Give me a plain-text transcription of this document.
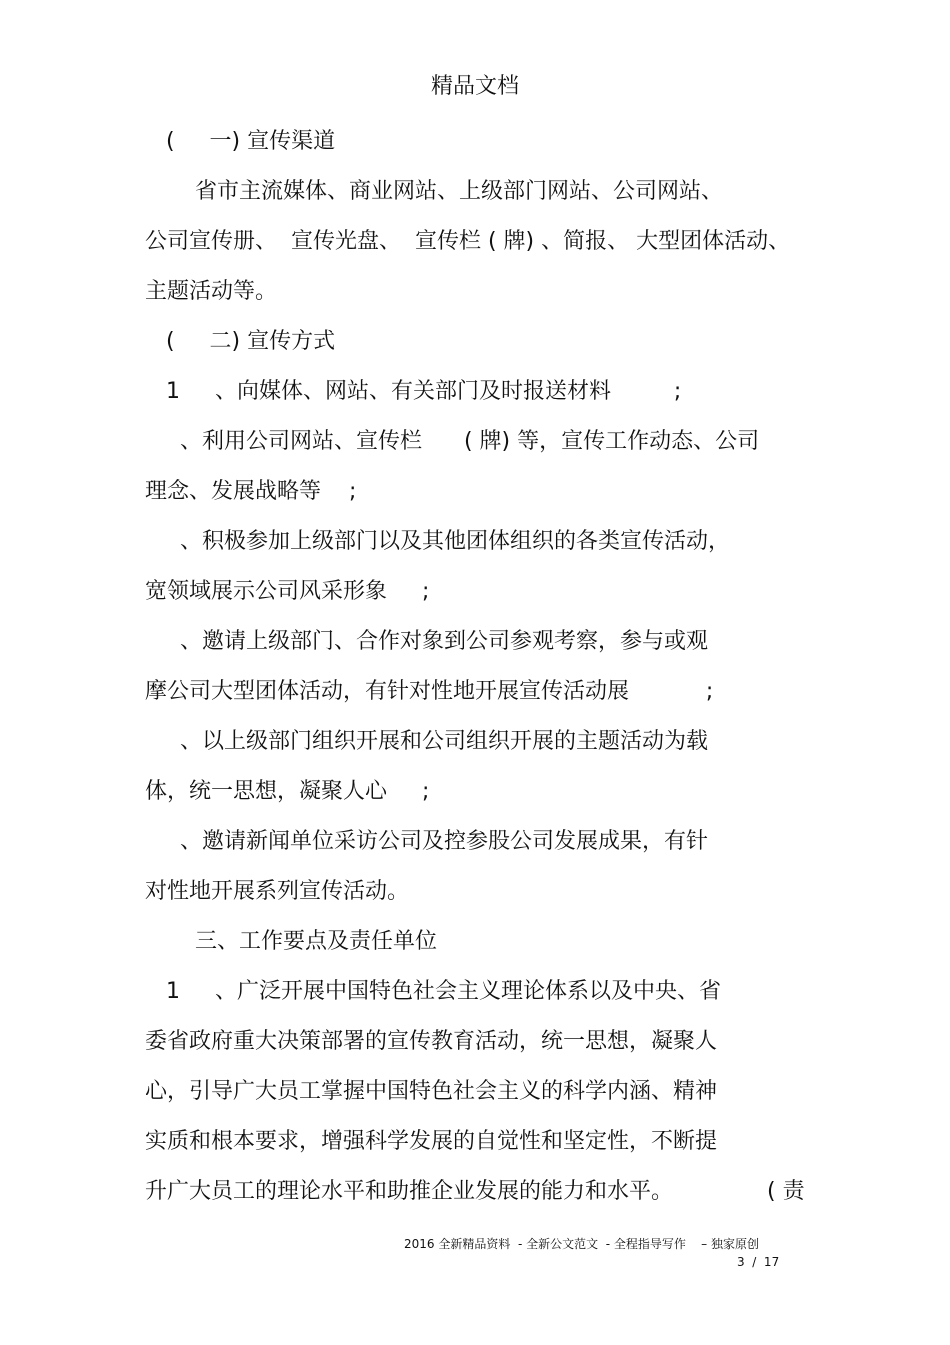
精品文档

(     一) 宣传渠道

省市主流媒体、商业网站、上级部门网站、公司网站、

公司宣传册、  宣传光盘、  宣传栏 ( 牌) 、简报、 大型团体活动、

主题活动等。

(     二) 宣传方式

1     、向媒体、网站、有关部门及时报送材料         ;

、利用公司网站、宣传栏      ( 牌) 等，宣传工作动态、公司

理念、发展战略等    ;

、积极参加上级部门以及其他团体组织的各类宣传活动，

宽领域展示公司风采形象     ;

、邀请上级部门、合作对象到公司参观考察，参与或观

摩公司大型团体活动，有针对性地开展宣传活动展           ;

、以上级部门组织开展和公司组织开展的主题活动为载

体，统一思想，凝聚人心     ;

、邀请新闻单位采访公司及控参股公司发展成果，有针

对性地开展系列宣传活动。

三、工作要点及责任单位

1     、广泛开展中国特色社会主义理论体系以及中央、省

委省政府重大决策部署的宣传教育活动，统一思想，凝聚人

心，引导广大员工掌握中国特色社会主义的科学内涵、精神

实质和根本要求，增强科学发展的自觉性和坚定性，不断提

升广大员工的理论水平和助推企业发展的能力和水平。	( 责

2016 全新精品资料  - 全新公文范文  - 全程指导写作    – 独家原创
3  /  17
